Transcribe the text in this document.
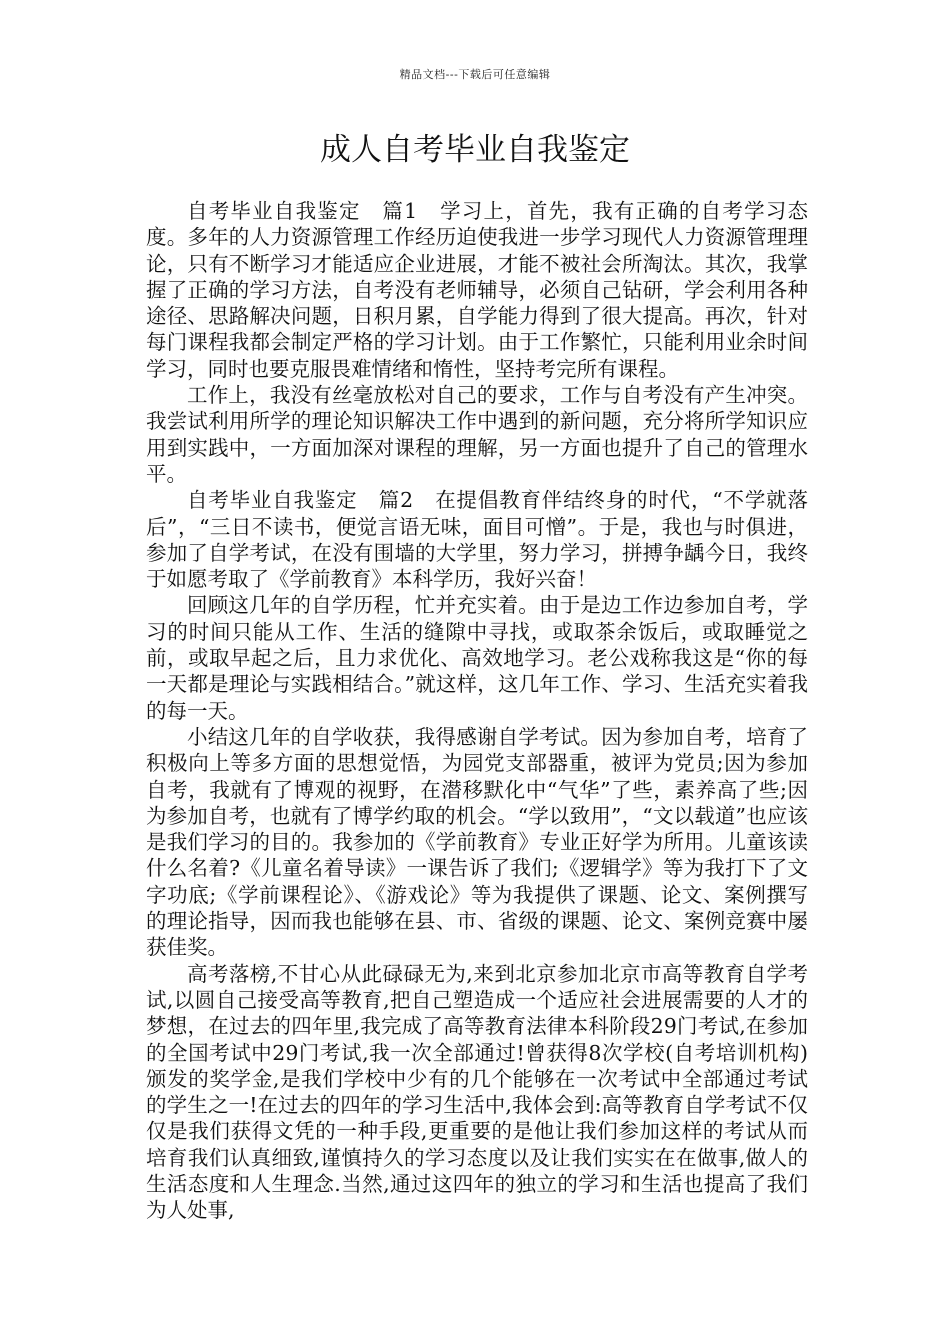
精品文档---下载后可任意编辑
成人自考毕业自我鉴定

自考毕业自我鉴定　篇1　学习上，首先，我有正确的自考学习态度。多年的人力资源管理工作经历迫使我进一步学习现代人力资源管理理论，只有不断学习才能适应企业进展，才能不被社会所淘汰。其次，我掌握了正确的学习方法，自考没有老师辅导，必须自己钻研，学会利用各种途径、思路解决问题，日积月累，自学能力得到了很大提高。再次，针对每门课程我都会制定严格的学习计划。由于工作繁忙，只能利用业余时间学习，同时也要克服畏难情绪和惰性，坚持考完所有课程。

工作上，我没有丝毫放松对自己的要求，工作与自考没有产生冲突。我尝试利用所学的理论知识解决工作中遇到的新问题，充分将所学知识应用到实践中，一方面加深对课程的理解，另一方面也提升了自己的管理水平。

自考毕业自我鉴定　篇2　在提倡教育伴结终身的时代，“不学就落后”，“三日不读书，便觉言语无味，面目可憎”。于是，我也与时俱进，参加了自学考试，在没有围墙的大学里，努力学习，拼搏争龋今日，我终于如愿考取了《学前教育》本科学历，我好兴奋！

回顾这几年的自学历程，忙并充实着。由于是边工作边参加自考，学习的时间只能从工作、生活的缝隙中寻找，或取茶余饭后，或取睡觉之前，或取早起之后，且力求优化、高效地学习。老公戏称我这是“你的每一天都是理论与实践相结合。”就这样，这几年工作、学习、生活充实着我的每一天。

小结这几年的自学收获，我得感谢自学考试。因为参加自考，培育了积极向上等多方面的思想觉悟，为园党支部器重，被评为党员;因为参加自考，我就有了博观的视野，在潜移默化中“气华”了些，素养高了些;因为参加自考，也就有了博学约取的机会。“学以致用”，“文以载道”也应该是我们学习的目的。我参加的《学前教育》专业正好学为所用。儿童该读什么名着?《儿童名着导读》一课告诉了我们;《逻辑学》等为我打下了文字功底;《学前课程论》、《游戏论》等为我提供了课题、论文、案例撰写的理论指导，因而我也能够在县、市、省级的课题、论文、案例竞赛中屡获佳奖。

高考落榜,不甘心从此碌碌无为,来到北京参加北京市高等教育自学考试,以圆自己接受高等教育,把自己塑造成一个适应社会进展需要的人才的梦想，在过去的四年里,我完成了高等教育法律本科阶段29门考试,在参加的全国考试中29门考试,我一次全部通过!曾获得8次学校(自考培训机构)颁发的奖学金,是我们学校中少有的几个能够在一次考试中全部通过考试的学生之一!在过去的四年的学习生活中,我体会到:高等教育自学考试不仅仅是我们获得文凭的一种手段,更重要的是他让我们参加这样的考试从而培育我们认真细致,谨慎持久的学习态度以及让我们实实在在做事,做人的生活态度和人生理念.当然,通过这四年的独立的学习和生活也提高了我们为人处事,
